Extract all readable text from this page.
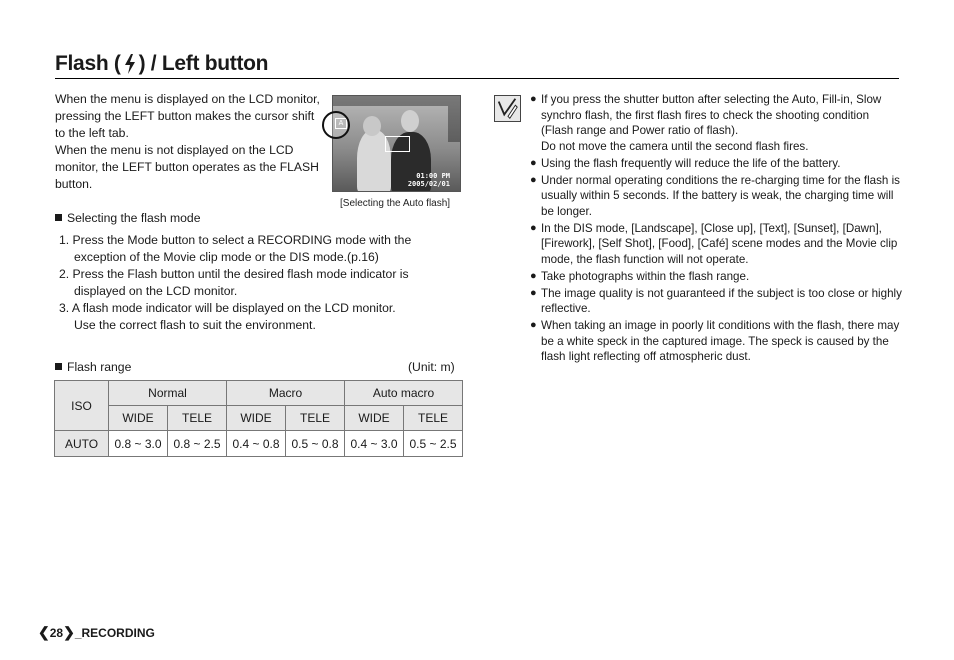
Flash ( ) / Left button

When the menu is displayed on the LCD monitor, pressing the LEFT button makes the cursor shift to the left tab.

When the menu is not displayed on the LCD monitor, the LEFT button operates as the FLASH button.

A
01:00 PM
2005/02/01
[Selecting the Auto flash]
Selecting the flash mode
1. Press the Mode button to select a RECORDING mode with the
exception of the Movie clip mode or the DIS mode.(p.16)
2. Press the Flash button until the desired flash mode indicator is
displayed on the LCD monitor.
3. A flash mode indicator will be displayed on the LCD monitor.
Use the correct flash to suit the environment.
Flash range	(Unit: m)
ISO	Normal		Macro		Auto macro	
	WIDE	TELE	WIDE	TELE	WIDE	TELE
AUTO	0.8 ~ 3.0	0.8 ~ 2.5	0.4 ~ 0.8	0.5 ~ 0.8	0.4 ~ 3.0	0.5 ~ 2.5
● If you press the shutter button after selecting the Auto, Fill-in, Slow synchro flash, the first flash fires to check the shooting condition (Flash range and Power ratio of flash).
Do not move the camera until the second flash fires.
● Using the flash frequently will reduce the life of the battery.
● Under normal operating conditions the re-charging time for the flash is usually within 5 seconds. If the battery is weak, the charging time will be longer.
● In the DIS mode, [Landscape], [Close up], [Text], [Sunset], [Dawn], [Firework], [Self Shot], [Food], [Café] scene modes and the Movie clip mode, the flash function will not operate.
● Take photographs within the flash range.
● The image quality is not guaranteed if the subject is too close or highly reflective.
● When taking an image in poorly lit conditions with the flash, there may be a white speck in the captured image. The speck is caused by the flash light reflecting off atmospheric dust.
❮ 28 ❯ _RECORDING
